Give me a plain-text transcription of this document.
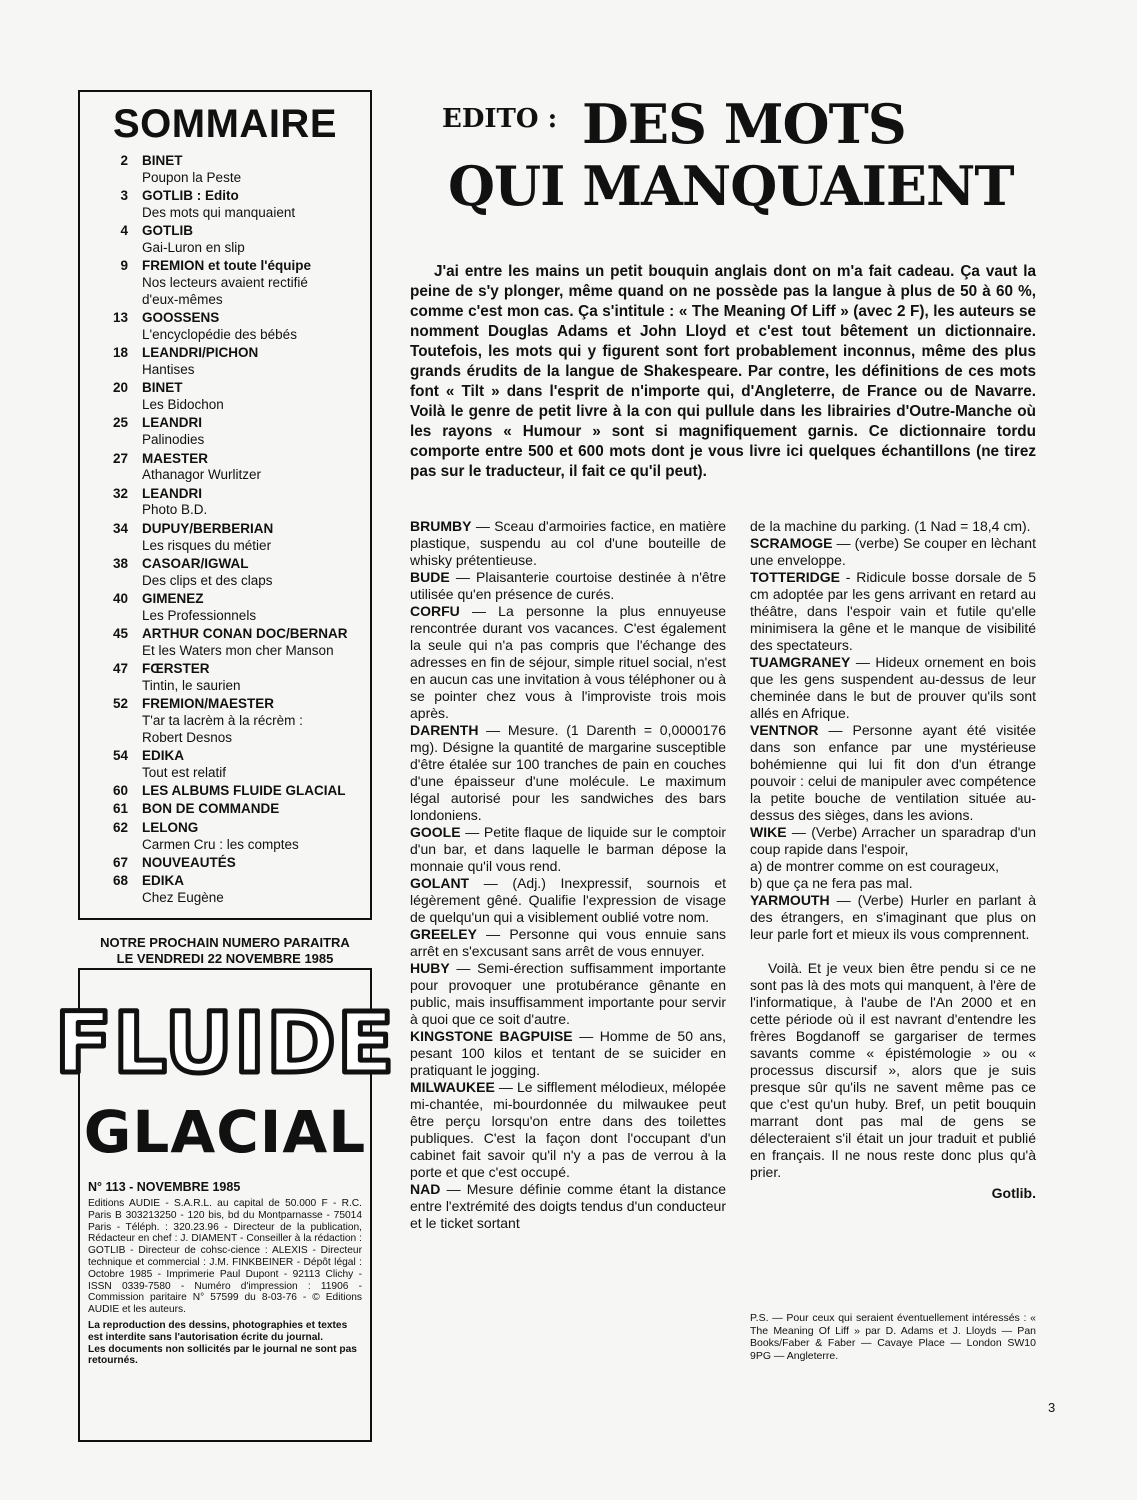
SOMMAIRE
2	BINET
Poupon la Peste
3	GOTLIB : Edito
Des mots qui manquaient
4	GOTLIB
Gai-Luron en slip
9	FREMION et toute l'équipe
Nos lecteurs avaient rectifié
d'eux-mêmes
13	GOOSSENS
L'encyclopédie des bébés
18	LEANDRI/PICHON
Hantises
20	BINET
Les Bidochon
25	LEANDRI
Palinodies
27	MAESTER
Athanagor Wurlitzer
32	LEANDRI
Photo B.D.
34	DUPUY/BERBERIAN
Les risques du métier
38	CASOAR/IGWAL
Des clips et des claps
40	GIMENEZ
Les Professionnels
45	ARTHUR CONAN DOC/BERNAR
Et les Waters mon cher Manson
47	FŒRSTER
Tintin, le saurien
52	FREMION/MAESTER
T'ar ta lacrèm à la récrèm :
Robert Desnos
54	EDIKA
Tout est relatif
60	LES ALBUMS FLUIDE GLACIAL
61	BON DE COMMANDE
62	LELONG
Carmen Cru : les comptes
67	NOUVEAUTÉS
68	EDIKA
Chez Eugène
NOTRE PROCHAIN NUMERO PARAITRA
LE VENDREDI 22 NOVEMBRE 1985
FLUIDE
GLACIAL
N° 113 - NOVEMBRE 1985
Editions AUDIE - S.A.R.L. au capital de 50.000 F - R.C. Paris B 303213250 - 120 bis, bd du Montparnasse - 75014 Paris - Téléph. : 320.23.96 - Directeur de la publication, Rédacteur en chef : J. DIAMENT - Conseiller à la rédaction : GOTLIB - Directeur de cohsc-cience : ALEXIS - Directeur technique et commercial : J.M. FINKBEINER - Dépôt légal : Octobre 1985 - Imprimerie Paul Dupont - 92113 Clichy - ISSN 0339-7580 - Numéro d'impression : 11906 - Commission paritaire N° 57599 du 8-03-76 - © Editions AUDIE et les auteurs.
La reproduction des dessins, photographies et textes est interdite sans l'autorisation écrite du journal.
Les documents non sollicités par le journal ne sont pas retournés.
EDITO : DES MOTS
QUI MANQUAIENT
J'ai entre les mains un petit bouquin anglais dont on m'a fait cadeau. Ça vaut la peine de s'y plonger, même quand on ne possède pas la langue à plus de 50 à 60 %, comme c'est mon cas. Ça s'intitule : « The Meaning Of Liff » (avec 2 F), les auteurs se nomment Douglas Adams et John Lloyd et c'est tout bêtement un dictionnaire. Toutefois, les mots qui y figurent sont fort probablement inconnus, même des plus grands érudits de la langue de Shakespeare. Par contre, les définitions de ces mots font « Tilt » dans l'esprit de n'importe qui, d'Angleterre, de France ou de Navarre. Voilà le genre de petit livre à la con qui pullule dans les librairies d'Outre-Manche où les rayons « Humour » sont si magnifiquement garnis. Ce dictionnaire tordu comporte entre 500 et 600 mots dont je vous livre ici quelques échantillons (ne tirez pas sur le traducteur, il fait ce qu'il peut).

BRUMBY — Sceau d'armoiries factice, en matière plastique, suspendu au col d'une bouteille de whisky prétentieuse.

BUDE — Plaisanterie courtoise destinée à n'être utilisée qu'en présence de curés.

CORFU — La personne la plus ennuyeuse rencontrée durant vos vacances. C'est également la seule qui n'a pas compris que l'échange des adresses en fin de séjour, simple rituel social, n'est en aucun cas une invitation à vous téléphoner ou à se pointer chez vous à l'improviste trois mois après.

DARENTH — Mesure. (1 Darenth = 0,0000176 mg). Désigne la quantité de margarine susceptible d'être étalée sur 100 tranches de pain en couches d'une épaisseur d'une molécule. Le maximum légal autorisé pour les sandwiches des bars londoniens.

GOOLE — Petite flaque de liquide sur le comptoir d'un bar, et dans laquelle le barman dépose la monnaie qu'il vous rend.

GOLANT — (Adj.) Inexpressif, sournois et légèrement gêné. Qualifie l'expression de visage de quelqu'un qui a visiblement oublié votre nom.

GREELEY — Personne qui vous ennuie sans arrêt en s'excusant sans arrêt de vous ennuyer.

HUBY — Semi-érection suffisamment importante pour provoquer une protubérance gênante en public, mais insuffisamment importante pour servir à quoi que ce soit d'autre.

KINGSTONE BAGPUISE — Homme de 50 ans, pesant 100 kilos et tentant de se suicider en pratiquant le jogging.

MILWAUKEE — Le sifflement mélodieux, mélopée mi-chantée, mi-bourdonnée du milwaukee peut être perçu lorsqu'on entre dans des toilettes publiques. C'est la façon dont l'occupant d'un cabinet fait savoir qu'il n'y a pas de verrou à la porte et que c'est occupé.

NAD — Mesure définie comme étant la distance entre l'extrémité des doigts tendus d'un conducteur et le ticket sortant

de la machine du parking. (1 Nad = 18,4 cm).

SCRAMOGE — (verbe) Se couper en lèchant une enveloppe.

TOTTERIDGE - Ridicule bosse dorsale de 5 cm adoptée par les gens arrivant en retard au théâtre, dans l'espoir vain et futile qu'elle minimisera la gêne et le manque de visibilité des spectateurs.

TUAMGRANEY — Hideux ornement en bois que les gens suspendent au-dessus de leur cheminée dans le but de prouver qu'ils sont allés en Afrique.

VENTNOR — Personne ayant été visitée dans son enfance par une mystérieuse bohémienne qui lui fit don d'un étrange pouvoir : celui de manipuler avec compétence la petite bouche de ventilation située au-dessus des sièges, dans les avions.

WIKE — (Verbe) Arracher un sparadrap d'un coup rapide dans l'espoir,

a) de montrer comme on est courageux,

b) que ça ne fera pas mal.

YARMOUTH — (Verbe) Hurler en parlant à des étrangers, en s'imaginant que plus on leur parle fort et mieux ils vous comprennent.

Voilà. Et je veux bien être pendu si ce ne sont pas là des mots qui manquent, à l'ère de l'informatique, à l'aube de l'An 2000 et en cette période où il est navrant d'entendre les frères Bogdanoff se gargariser de termes savants comme « épistémologie » ou « processus discursif », alors que je suis presque sûr qu'ils ne savent même pas ce que c'est qu'un huby. Bref, un petit bouquin marrant dont pas mal de gens se délecteraient s'il était un jour traduit et publié en français. Il ne nous reste donc plus qu'à prier.

Gotlib.
P.S. — Pour ceux qui seraient éventuellement intéressés : « The Meaning Of Liff » par D. Adams et J. Lloyds — Pan Books/Faber & Faber — Cavaye Place — London SW10 9PG — Angleterre.
3
